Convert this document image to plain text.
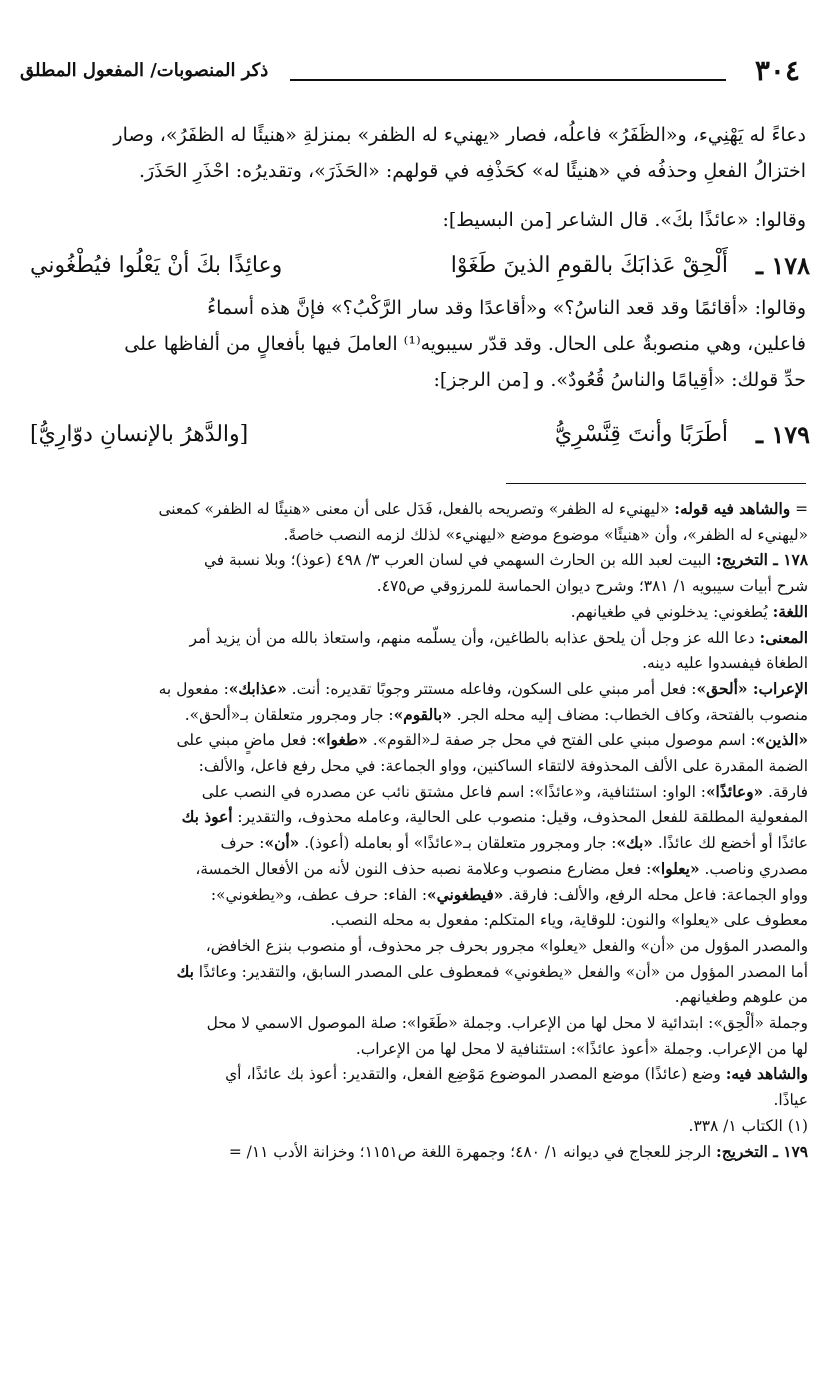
٣٠٤
ذكر المنصوبات/ المفعول المطلق

دعاءً له يَهْنِيء، و«الظَفَرُ» فاعلُه، فصار «يهنيء له الظفر» بمنزلةِ «هنيئًا له الظفَرُ»، وصار

اختزالُ الفعلِ وحذفُه في «هنيئًا له» كحَذْفِه في قولهم: «الحَذَرَ»، وتقديرُه: احْذَرِ الحَذَرَ.

وقالوا: «عائذًا بكَ». قال الشاعر [من البسيط]:

١٧٨ ـ
أَلْحِقْ عَذابَكَ بالقومِ الذينَ طَغَوْا
وعائِذًا بكَ أنْ يَعْلُوا فيُطْغُوني

وقالوا: «أقائمًا وقد قعد الناسُ؟» و«أقاعدًا وقد سار الرَّكْبُ؟» فإنَّ هذه أسماءُ

فاعلين، وهي منصوبةٌ على الحال. وقد قدّر سيبويه⁽¹⁾ العاملَ فيها بأفعالٍ من ألفاظها على

حدِّ قولك: «أقِيامًا والناسُ قُعُودٌ». و [من الرجز]:

١٧٩ ـ
أطَرَبًا وأنتَ قِنَّسْرِيُّ
[والدَّهرُ بالإنسانِ دوّارِيُّ]

= والشاهد فيه قوله: «ليهنيء له الظفر» وتصريحه بالفعل، فَدَل على أن معنى «هنيئًا له الظفر» كمعنى

«ليهنيء له الظفر»، وأن «هنيئًا» موضوع موضع «ليهنيء» لذلك لزمه النصب خاصةً.

١٧٨ ـ التخريج: البيت لعبد الله بن الحارث السهمي في لسان العرب ٣/ ٤٩٨ (عوذ)؛ وبلا نسبة في

شرح أبيات سيبويه ١/ ٣٨١؛ وشرح ديوان الحماسة للمرزوقي ص٤٧٥.

اللغة: يُطغوني: يدخلوني في طغيانهم.

المعنى: دعا الله عز وجل أن يلحق عذابه بالطاغين، وأن يسلّمه منهم، واستعاذ بالله من أن يزيد أمر

الطغاة فيفسدوا عليه دينه.

الإعراب: «ألحق»: فعل أمر مبني على السكون، وفاعله مستتر وجوبًا تقديره: أنت. «عذابك»: مفعول به

منصوب بالفتحة، وكاف الخطاب: مضاف إليه محله الجر. «بالقوم»: جار ومجرور متعلقان بـ«ألحق».

«الذين»: اسم موصول مبني على الفتح في محل جر صفة لـ«القوم». «طغوا»: فعل ماضٍ مبني على

الضمة المقدرة على الألف المحذوفة لالتقاء الساكنين، وواو الجماعة: في محل رفع فاعل، والألف:

فارقة. «وعائذًا»: الواو: استئنافية، و«عائذًا»: اسم فاعل مشتق نائب عن مصدره في النصب على

المفعولية المطلقة للفعل المحذوف، وقيل: منصوب على الحالية، وعامله محذوف، والتقدير: أعوذ بك

عائذًا أو أخضع لك عائذًا. «بك»: جار ومجرور متعلقان بـ«عائذًا» أو بعامله (أعوذ). «أن»: حرف

مصدري وناصب. «يعلوا»: فعل مضارع منصوب وعلامة نصبه حذف النون لأنه من الأفعال الخمسة،

وواو الجماعة: فاعل محله الرفع، والألف: فارقة. «فيطغوني»: الفاء: حرف عطف، و«يطغوني»:

معطوف على «يعلوا» والنون: للوقاية، وياء المتكلم: مفعول به محله النصب.

والمصدر المؤول من «أن» والفعل «يعلوا» مجرور بحرف جر محذوف، أو منصوب بنزع الخافض،

أما المصدر المؤول من «أن» والفعل «يطغوني» فمعطوف على المصدر السابق، والتقدير: وعائذًا بك

من علوهم وطغيانهم.

وجملة «ألْحِق»: ابتدائية لا محل لها من الإعراب. وجملة «طَغَوا»: صلة الموصول الاسمي لا محل

لها من الإعراب. وجملة «أعوذ عائذًا»: استئنافية لا محل لها من الإعراب.

والشاهد فيه: وضع (عائذًا) موضع المصدر الموضوع مَوْضِع الفعل، والتقدير: أعوذ بك عائذًا، أي

عياذًا.

(١) الكتاب ١/ ٣٣٨.

١٧٩ ـ التخريج: الرجز للعجاج في ديوانه ١/ ٤٨٠؛ وجمهرة اللغة ص١١٥١؛ وخزانة الأدب ١١/ =
